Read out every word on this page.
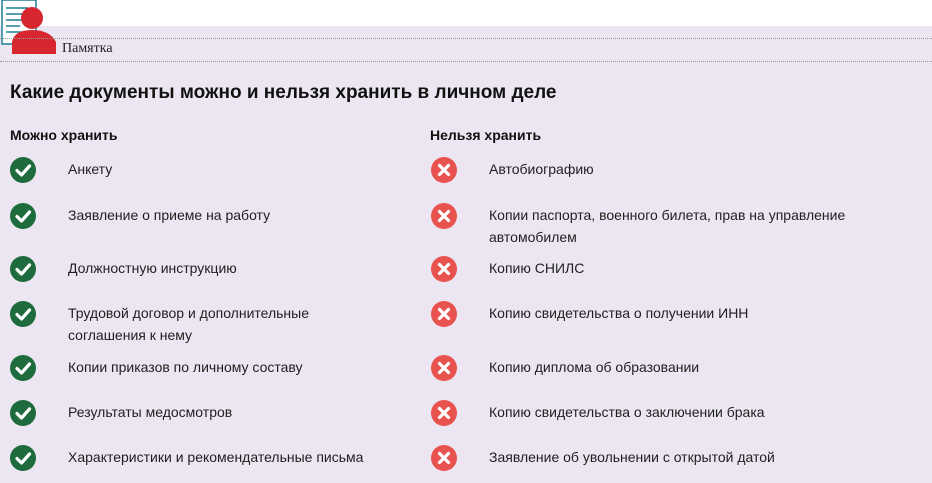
Памятка
Какие документы можно и нельзя хранить в личном деле
Можно хранить	Нельзя хранить
Анкету
Заявление о приеме на работу
Должностную инструкцию
Трудовой договор и дополнительные соглашения к нему
Копии приказов по личному составу
Результаты медосмотров
Характеристики и рекомендательные письма
Автобиографию
Копии паспорта, военного билета, прав на управление автомобилем
Копию СНИЛС
Копию свидетельства о получении ИНН
Копию диплома об образовании
Копию свидетельства о заключении брака
Заявление об увольнении с открытой датой
